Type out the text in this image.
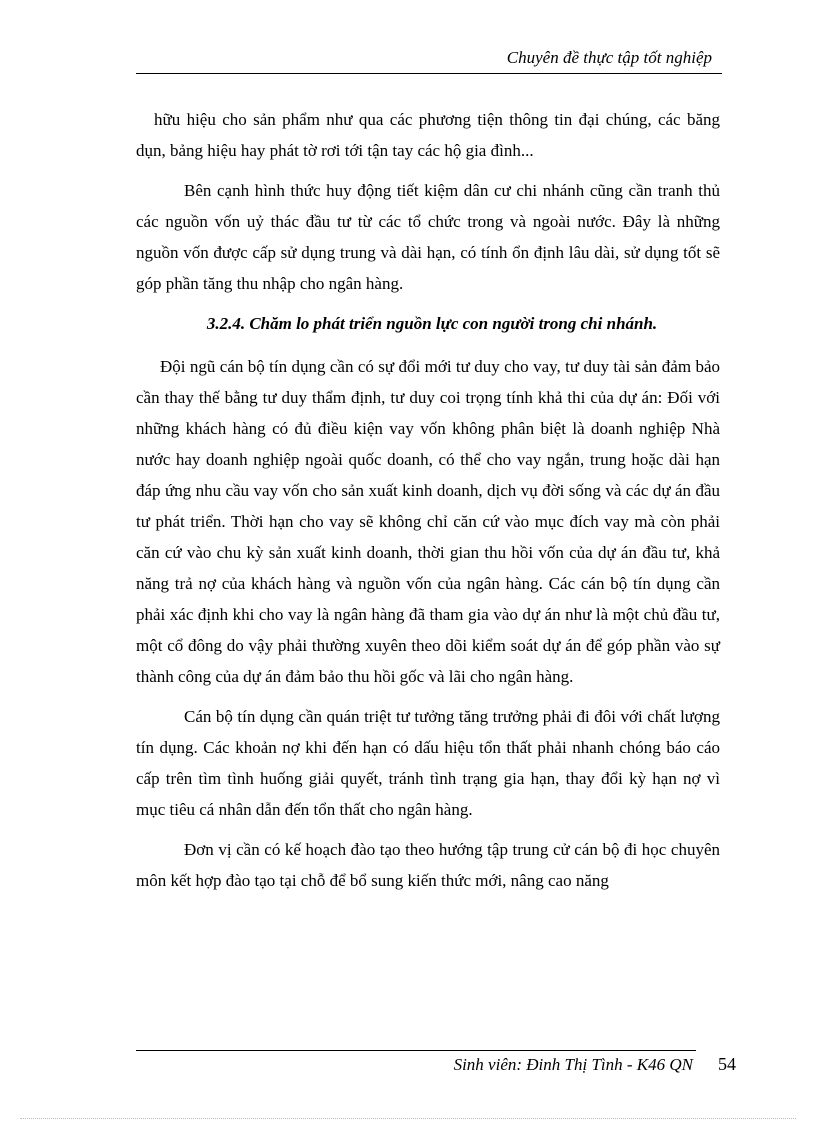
Chuyên đề thực tập tốt nghiệp

hữu hiệu cho sản phẩm như qua các phương tiện thông tin đại chúng, các băng dụn, bảng hiệu hay phát tờ rơi tới tận tay các hộ gia đình...

Bên cạnh hình thức huy động tiết kiệm dân cư chi nhánh cũng cần tranh thủ các nguồn vốn uỷ thác đầu tư từ các tổ chức trong và ngoài nước. Đây là những nguồn vốn được cấp sử dụng trung và dài hạn, có tính ổn định lâu dài, sử dụng tốt sẽ góp phần tăng thu nhập cho ngân hàng.

3.2.4. Chăm lo phát triển nguồn lực con người trong chi nhánh.

Đội ngũ cán bộ tín dụng cần có sự đổi mới tư duy cho vay, tư duy tài sản đảm bảo cần thay thế bằng tư duy thẩm định, tư duy coi trọng tính khả thi của dự án: Đối với những khách hàng có đủ điều kiện vay vốn không phân biệt là doanh nghiệp Nhà nước hay doanh nghiệp ngoài quốc doanh, có thể cho vay ngắn, trung hoặc dài hạn đáp ứng nhu cầu vay vốn cho sản xuất kinh doanh, dịch vụ đời sống và các dự án đầu tư phát triển. Thời hạn cho vay sẽ không chỉ căn cứ vào mục đích vay mà còn phải căn cứ vào chu kỳ sản xuất kinh doanh, thời gian thu hồi vốn của dự án đầu tư, khả năng trả nợ của khách hàng và nguồn vốn của ngân hàng. Các cán bộ tín dụng cần phải xác định khi cho vay là ngân hàng đã tham gia vào dự án như là một chủ đầu tư, một cổ đông do vậy phải thường xuyên theo dõi kiểm soát dự án để góp phần vào sự thành công của dự án đảm bảo thu hồi gốc và lãi cho ngân hàng.

Cán bộ tín dụng cần quán triệt tư tưởng tăng trưởng phải đi đôi với chất lượng tín dụng. Các khoản nợ khi đến hạn có dấu hiệu tổn thất phải nhanh chóng báo cáo cấp trên tìm tình huống giải quyết, tránh tình trạng gia hạn, thay đổi kỳ hạn nợ vì mục tiêu cá nhân dẫn đến tổn thất cho ngân hàng.

Đơn vị cần có kế hoạch đào tạo theo hướng tập trung cử cán bộ đi học chuyên môn kết hợp đào tạo tại chỗ để bổ sung kiến thức mới, nâng cao năng

Sinh viên: Đinh Thị Tình - K46 QN 54
